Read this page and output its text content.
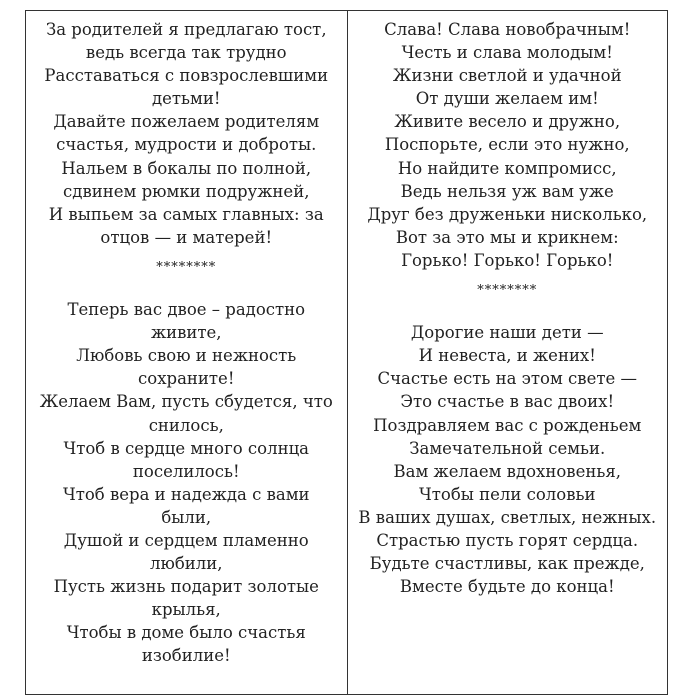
За родителей я предлагаю тост,
ведь всегда так трудно
Расставаться с повзрослевшими
детьми!
Давайте пожелаем родителям
счастья, мудрости и доброты.
Нальем в бокалы по полной,
сдвинем рюмки подружней,
И выпьем за самых главных: за
отцов — и матерей!
********
Теперь вас двое – радостно
живите,
Любовь свою и нежность
сохраните!
Желаем Вам, пусть сбудется, что
снилось,
Чтоб в сердце много солнца
поселилось!
Чтоб вера и надежда с вами
были,
Душой и сердцем пламенно
любили,
Пусть жизнь подарит золотые
крылья,
Чтобы в доме было счастья
изобилие!
Слава! Слава новобрачным!
Честь и слава молодым!
Жизни светлой и удачной
От души желаем им!
Живите весело и дружно,
Поспорьте, если это нужно,
Но найдите компромисс,
Ведь нельзя уж вам уже
Друг без друженьки нисколько,
Вот за это мы и крикнем:
Горько! Горько! Горько!
********
Дорогие наши дети —
И невеста, и жених!
Счастье есть на этом свете —
Это счастье в вас двоих!
Поздравляем вас с рожденьем
Замечательной семьи.
Вам желаем вдохновенья,
Чтобы пели соловьи
В ваших душах, светлых, нежных.
Страстью пусть горят сердца.
Будьте счастливы, как прежде,
Вместе будьте до конца!
